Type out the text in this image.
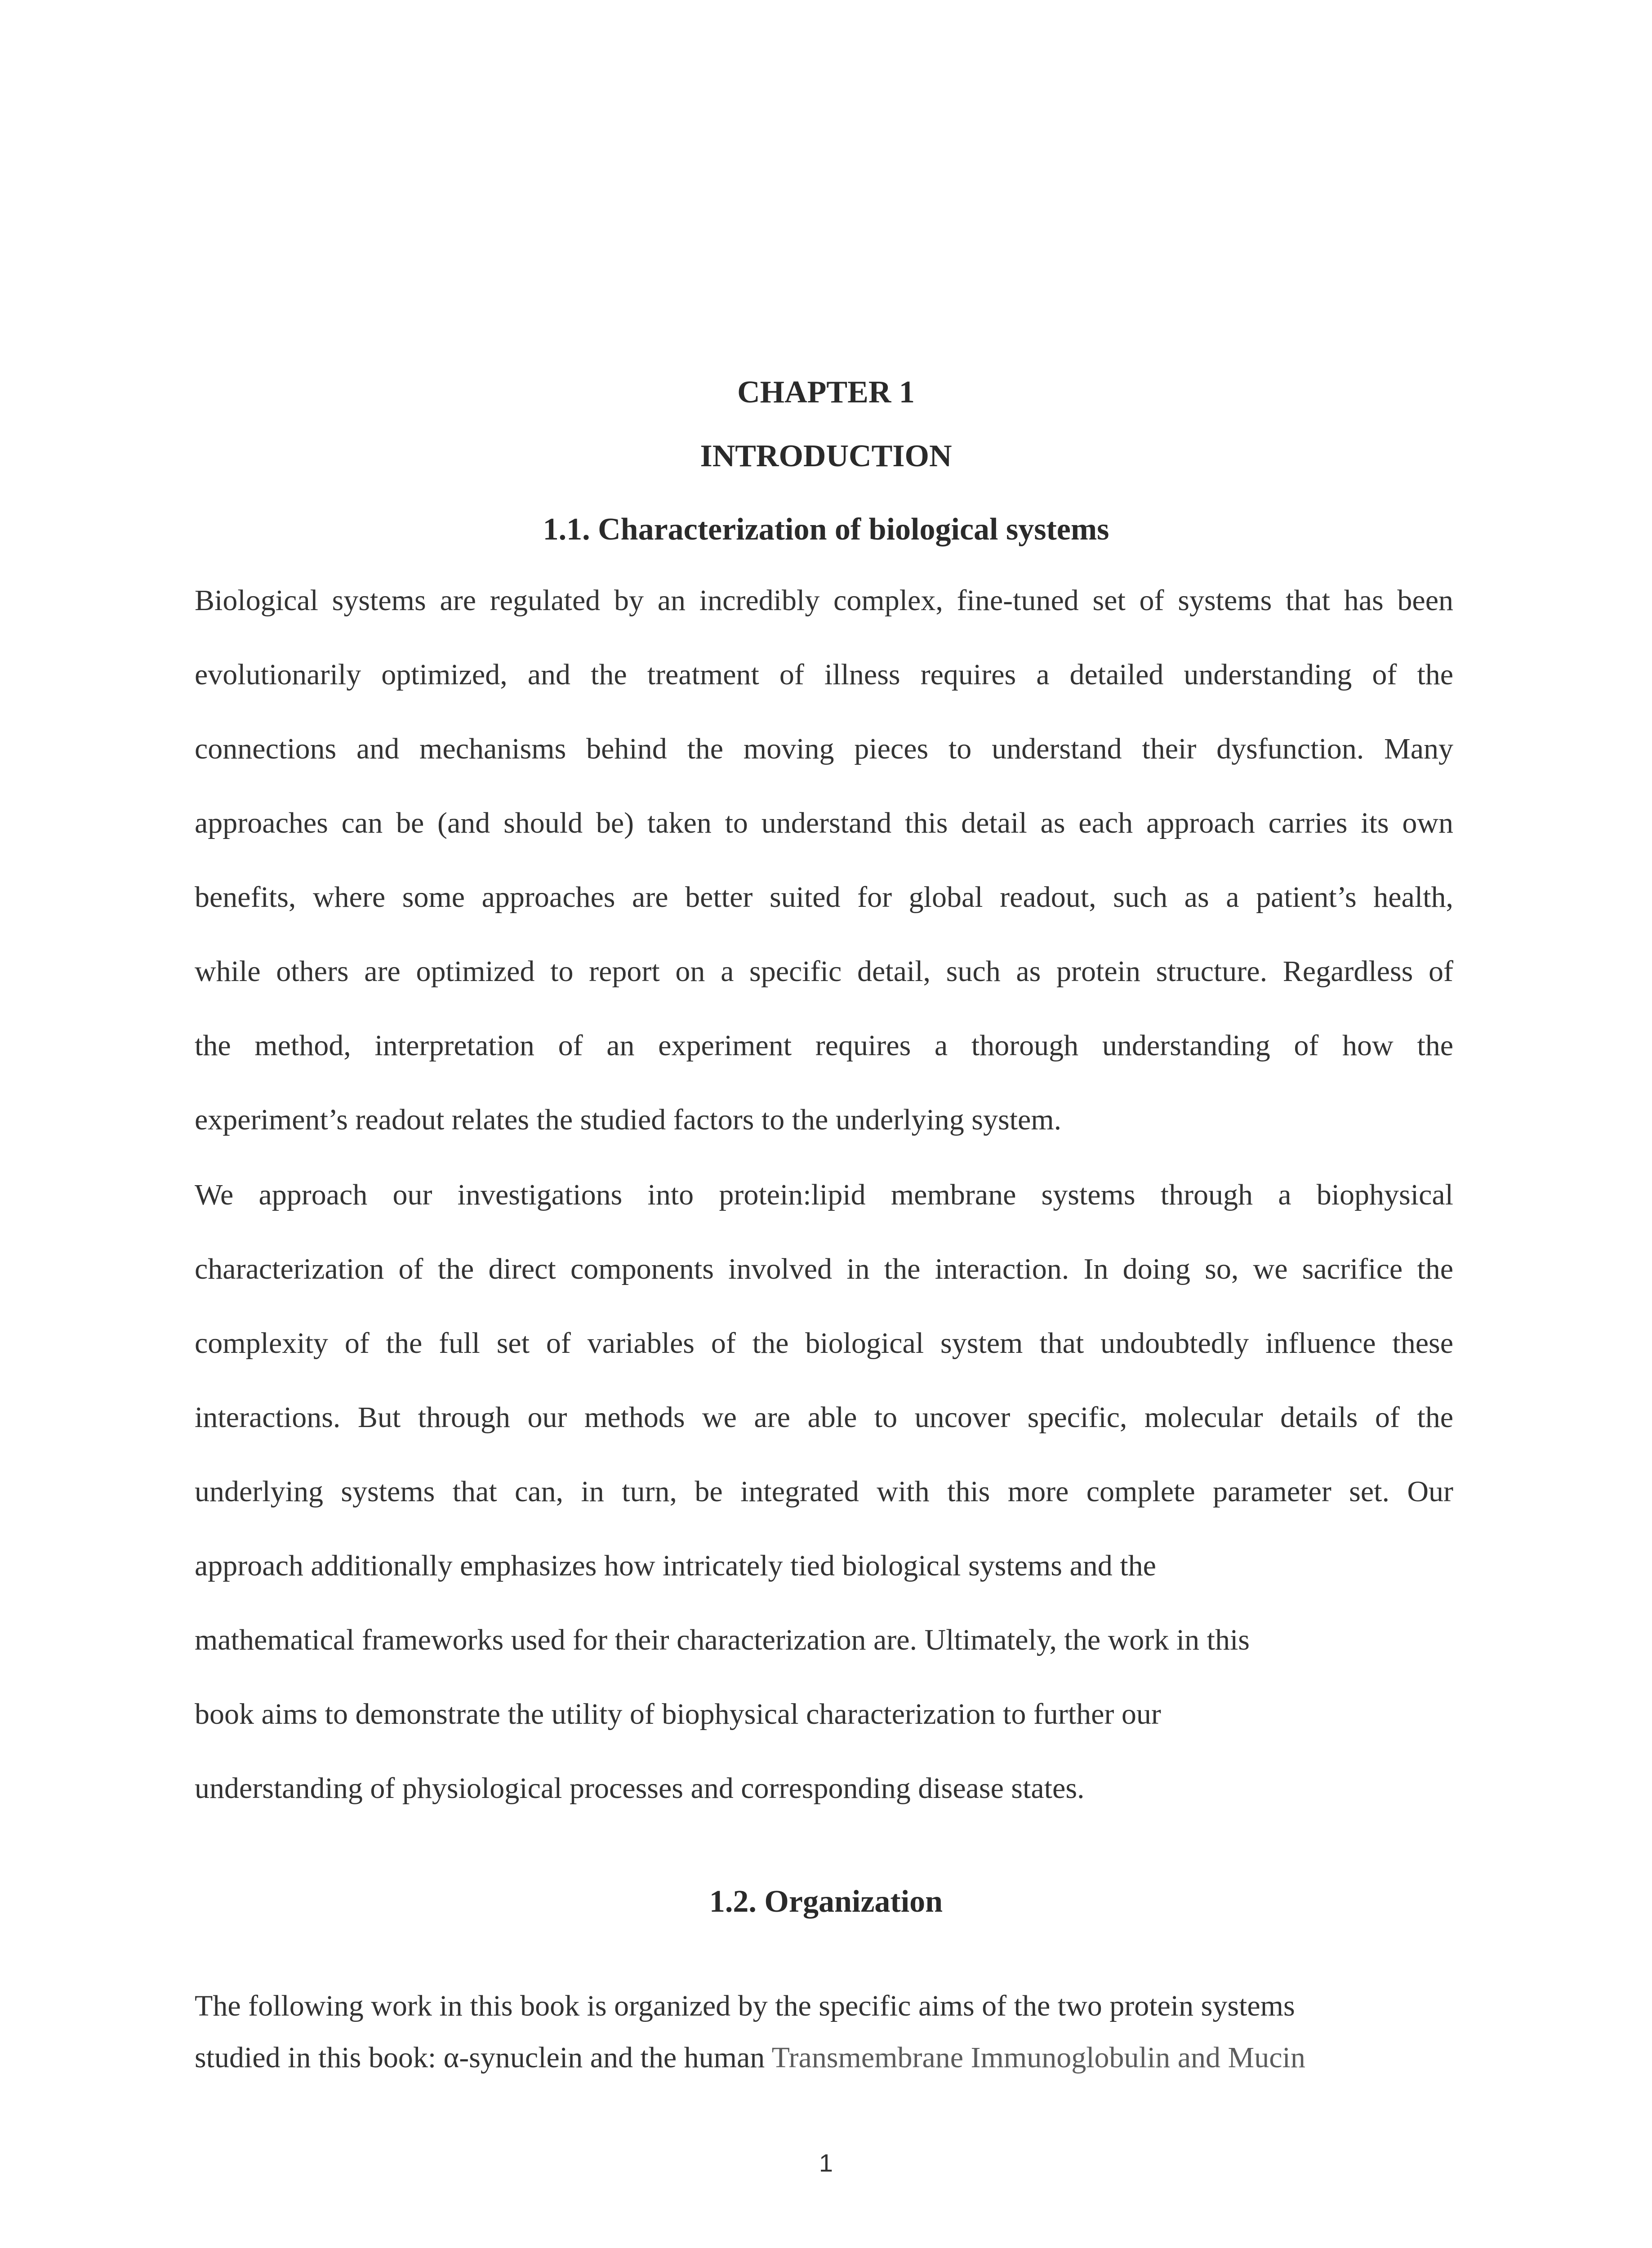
CHAPTER 1
INTRODUCTION
1.1. Characterization of biological systems
Biological systems are regulated by an incredibly complex, fine-tuned set of systems that has been
evolutionarily optimized, and the treatment of illness requires a detailed understanding of the
connections and mechanisms behind the moving pieces to understand their dysfunction. Many
approaches can be (and should be) taken to understand this detail as each approach carries its own
benefits, where some approaches are better suited for global readout, such as a patient’s health,
while others are optimized to report on a specific detail, such as protein structure. Regardless of
the method, interpretation of an experiment requires a thorough understanding of how the
experiment’s readout relates the studied factors to the underlying system.
We approach our investigations into protein:lipid membrane systems through a biophysical
characterization of the direct components involved in the interaction. In doing so, we sacrifice the
complexity of the full set of variables of the biological system that undoubtedly influence these
interactions. But through our methods we are able to uncover specific, molecular details of the
underlying systems that can, in turn, be integrated with this more complete parameter set. Our
approach additionally emphasizes how intricately tied biological systems and the
mathematical frameworks used for their characterization are. Ultimately, the work in this
book aims to demonstrate the utility of biophysical characterization to further our
understanding of physiological processes and corresponding disease states.
1.2. Organization
The following work in this book is organized by the specific aims of the two protein systems
studied in this book: α-synuclein and the human Transmembrane Immunoglobulin and Mucin
1
